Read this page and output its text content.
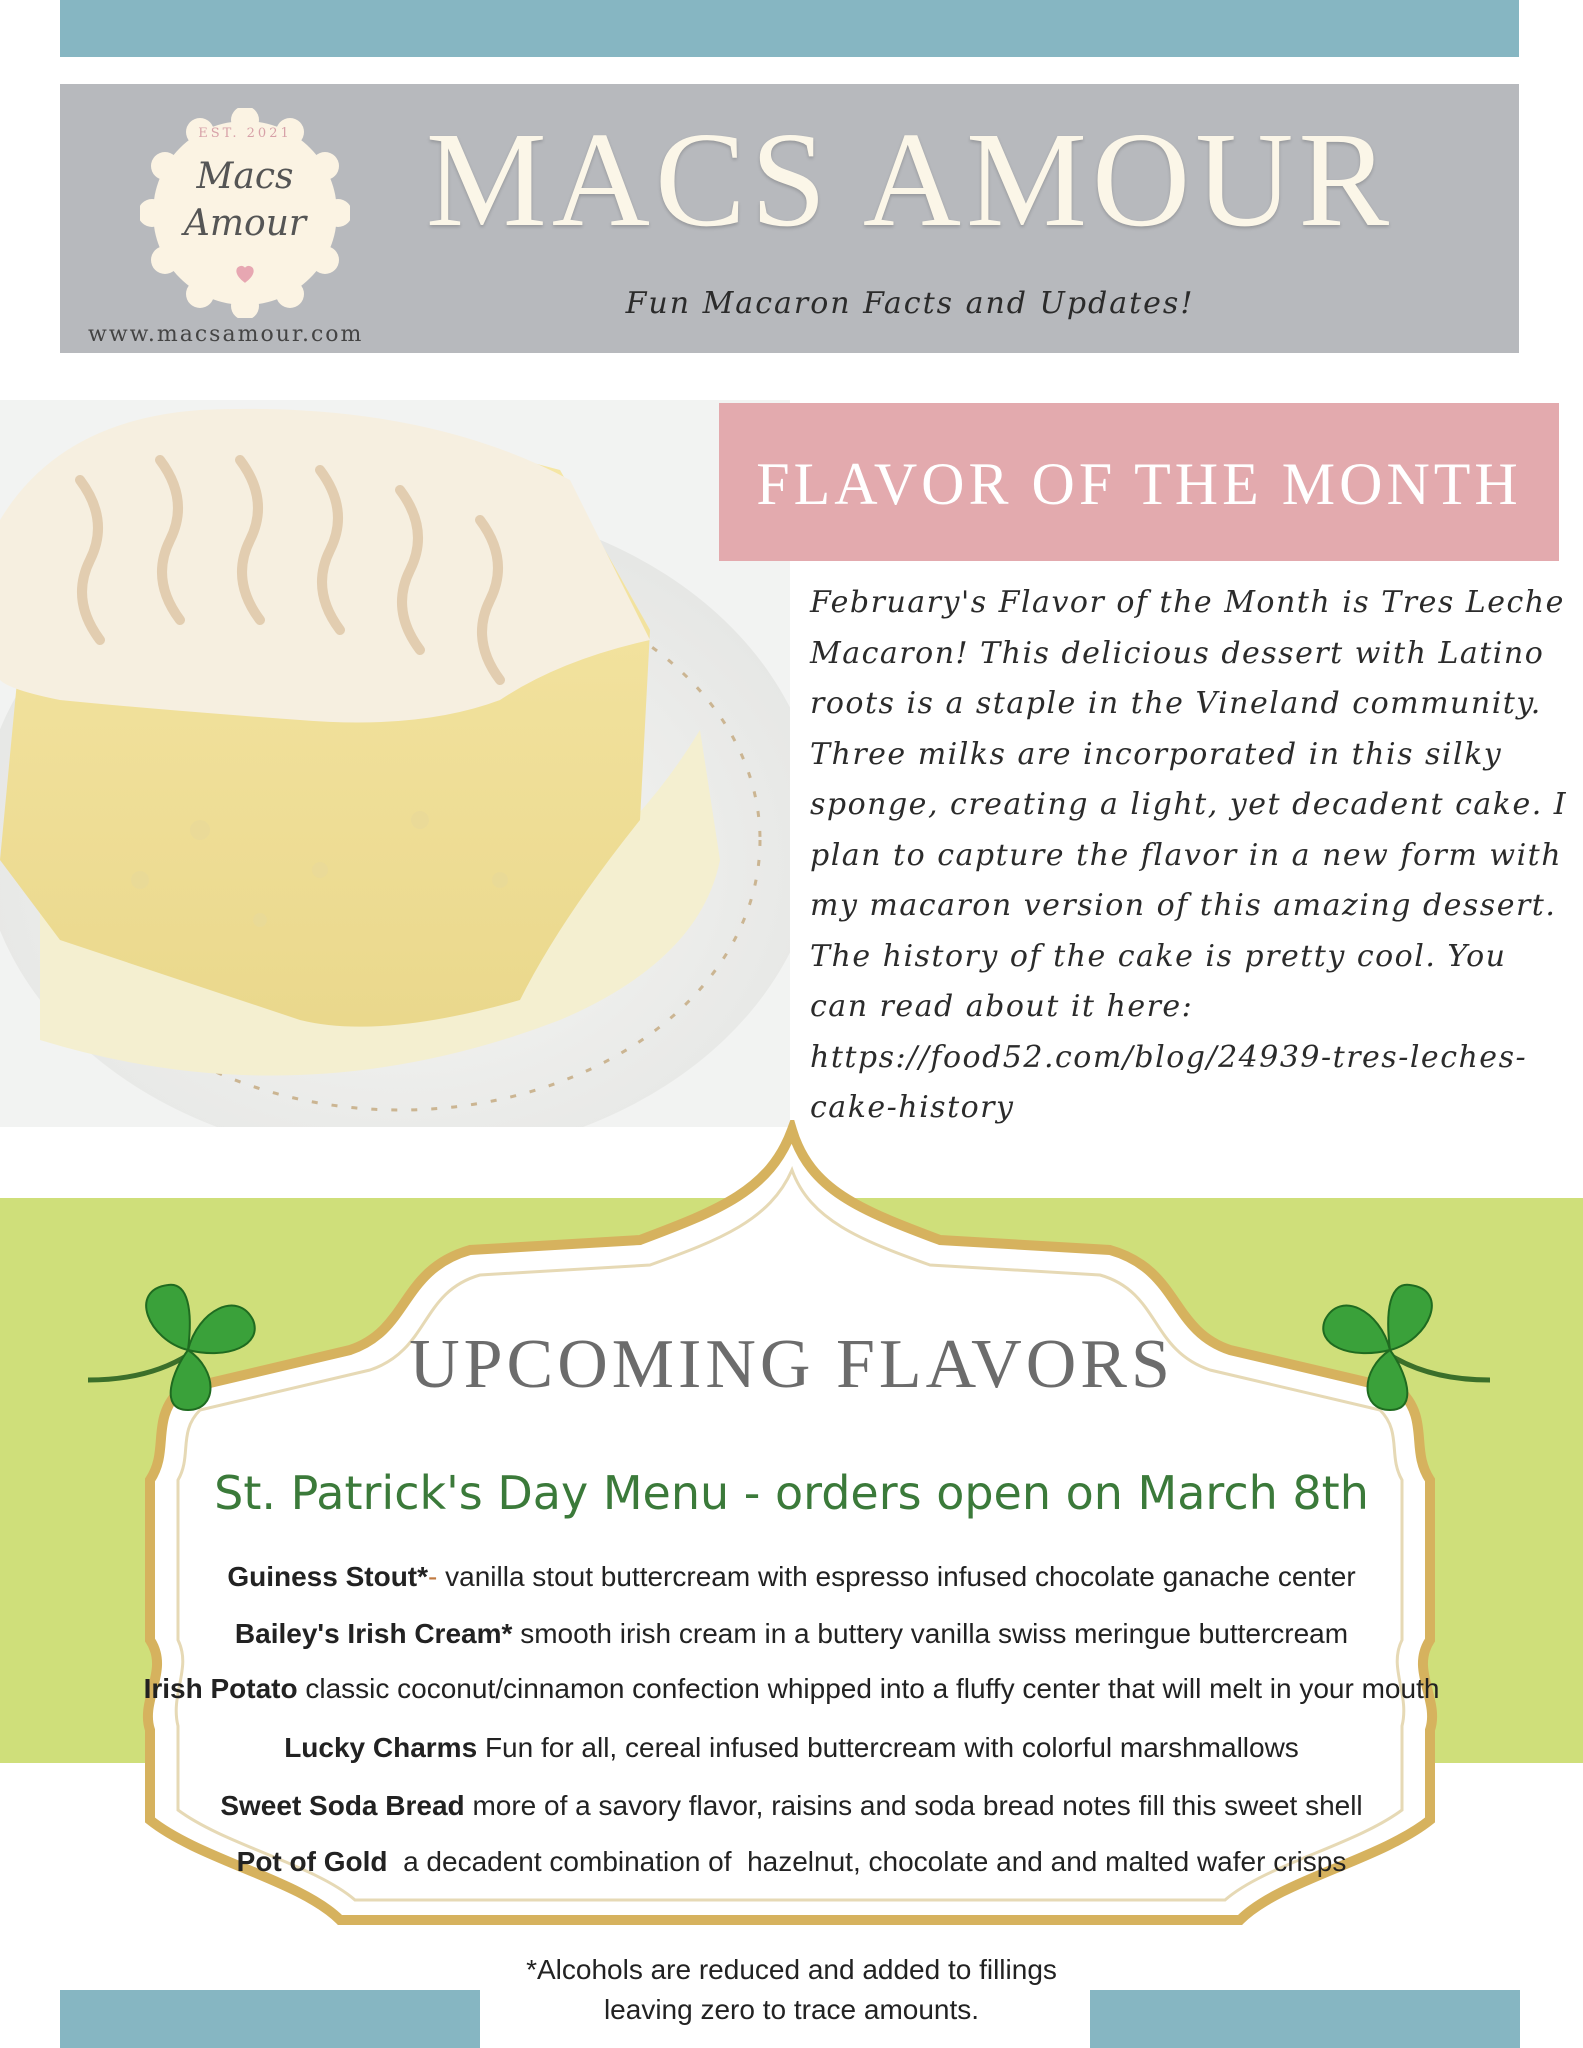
EST. 2021
Macs
Amour MACS AMOUR
Fun Macaron Facts and Updates!
www.macsamour.com
FLAVOR OF THE MONTH
February's Flavor of the Month is Tres Leche Macaron! This delicious dessert with Latino roots is a staple in the Vineland community. Three milks are incorporated in this silky sponge, creating a light, yet decadent cake. I plan to capture the flavor in a new form with my macaron version of this amazing dessert. The history of the cake is pretty cool. You can read about it here: https://food52.com/blog/24939-tres-leches-cake-history
UPCOMING FLAVORS
St. Patrick's Day Menu - orders open on March 8th
Guiness Stout*- vanilla stout buttercream with espresso infused chocolate ganache center
Bailey's Irish Cream* smooth irish cream in a buttery vanilla swiss meringue buttercream
Irish Potato classic coconut/cinnamon confection whipped into a fluffy center that will melt in your mouth
Lucky Charms Fun for all, cereal infused buttercream with colorful marshmallows
Sweet Soda Bread more of a savory flavor, raisins and soda bread notes fill this sweet shell
Pot of Gold a decadent combination of  hazelnut, chocolate and and malted wafer crisps
*Alcohols are reduced and added to fillings
leaving zero to trace amounts.
